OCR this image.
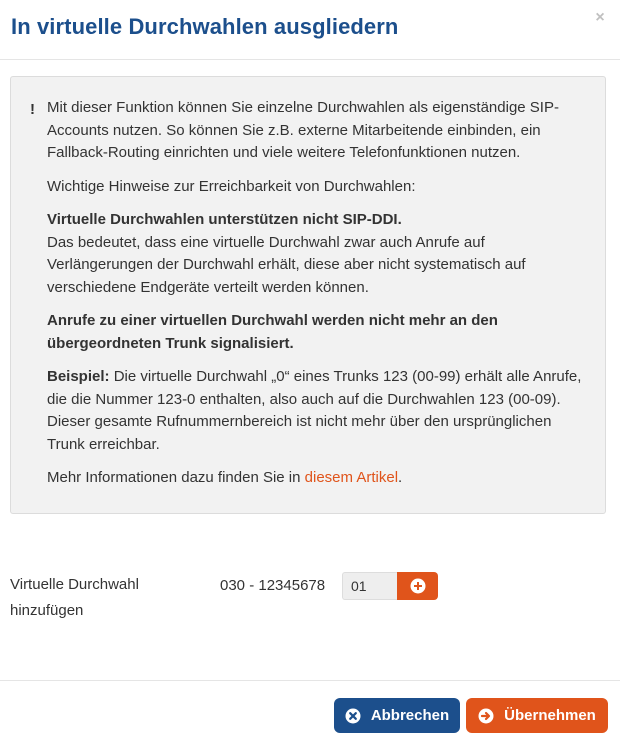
In virtuelle Durchwahlen ausgliedern	×
! Mit dieser Funktion können Sie einzelne Durchwahlen als eigenständige SIP-Accounts nutzen. So können Sie z.B. externe Mitarbeitende einbinden, ein Fallback-Routing einrichten und viele weitere Telefonfunktionen nutzen.

Wichtige Hinweise zur Erreichbarkeit von Durchwahlen:

Virtuelle Durchwahlen unterstützen nicht SIP-DDI.
Das bedeutet, dass eine virtuelle Durchwahl zwar auch Anrufe auf Verlängerungen der Durchwahl erhält, diese aber nicht systematisch auf verschiedene Endgeräte verteilt werden können.

Anrufe zu einer virtuellen Durchwahl werden nicht mehr an den übergeordneten Trunk signalisiert.

Beispiel: Die virtuelle Durchwahl „0“ eines Trunks 123 (00-99) erhält alle Anrufe, die die Nummer 123-0 enthalten, also auch auf die Durchwahlen 123 (00-09). Dieser gesamte Rufnummernbereich ist nicht mehr über den ursprünglichen Trunk erreichbar.

Mehr Informationen dazu finden Sie in diesem Artikel.

Virtuelle Durchwahl
hinzufügen
030 - 12345678
01
Abbrechen	Übernehmen
